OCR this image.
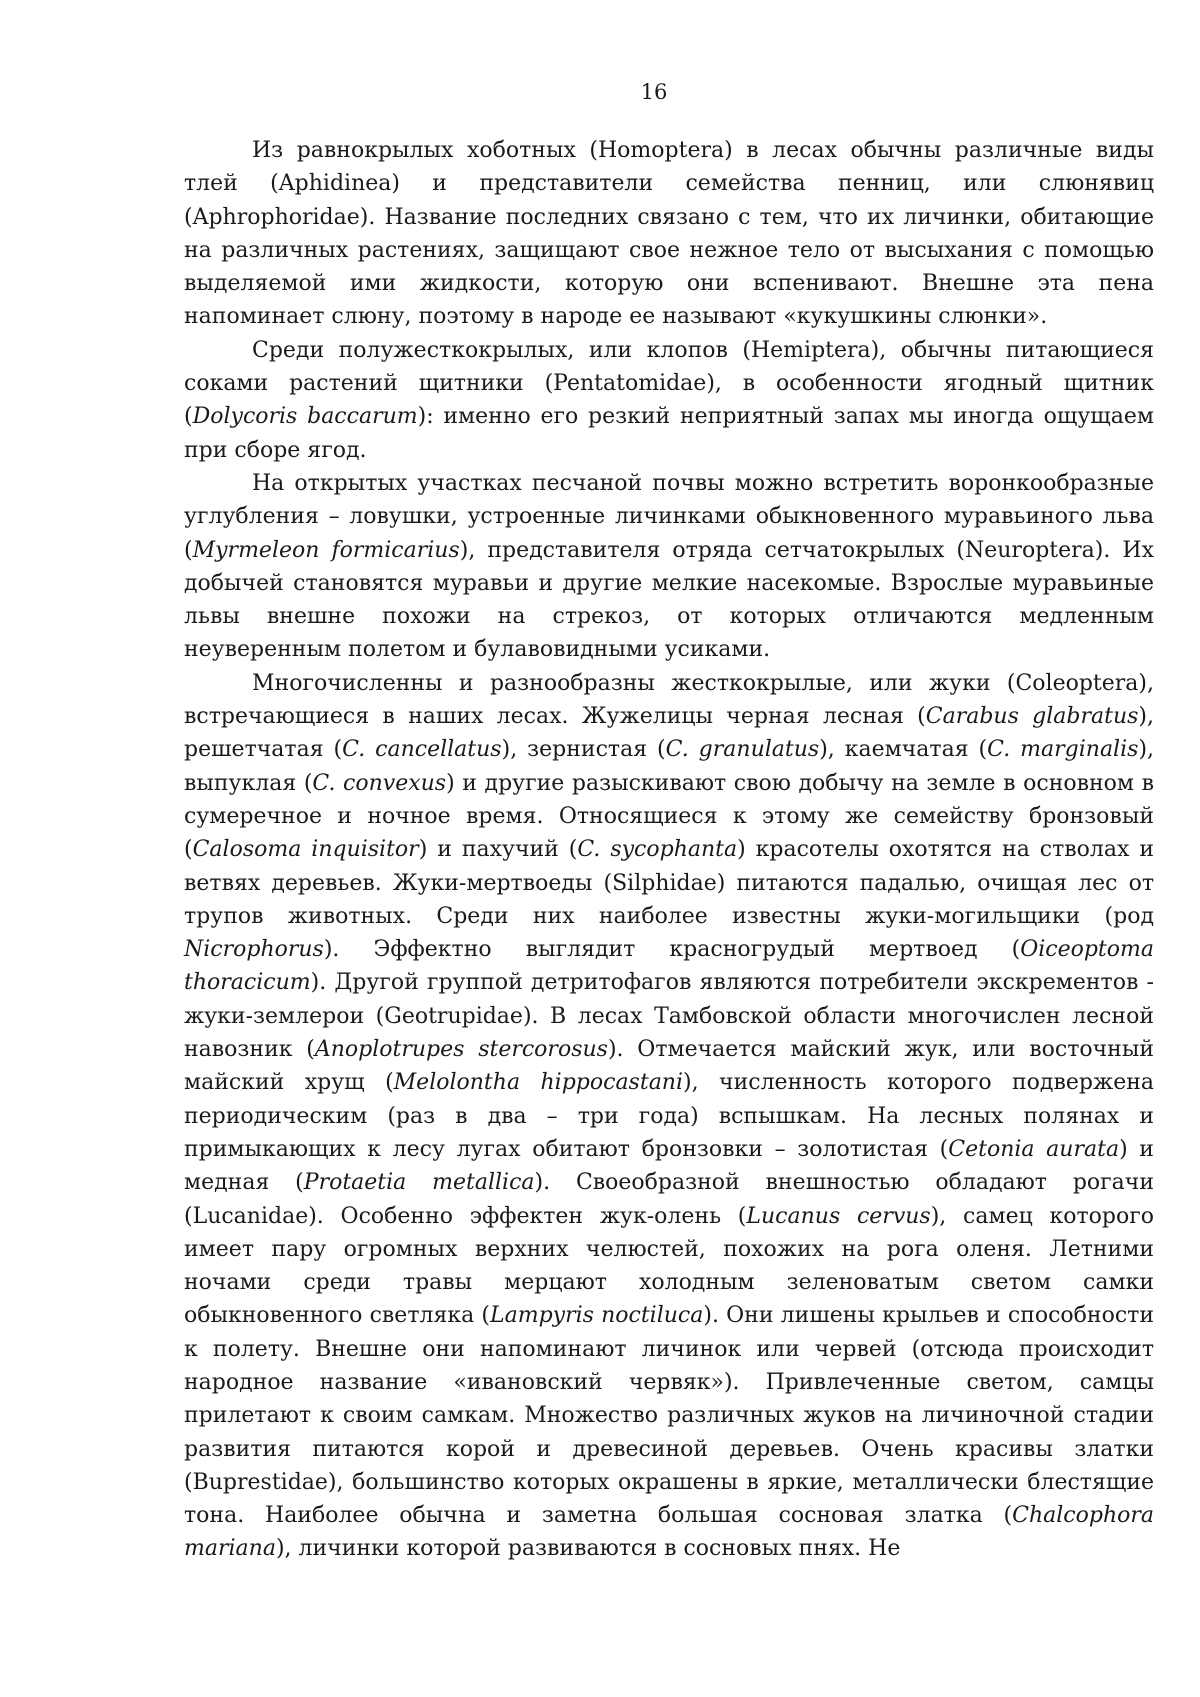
16

Из равнокрылых хоботных (Homoptera) в лесах обычны различные виды тлей (Aphidinea) и представители семейства пенниц, или слюнявиц (Aphrophoridae). Название последних связано с тем, что их личинки, обитающие на различных растениях, защищают свое нежное тело от высыхания с помощью выделяемой ими жидкости, которую они вспенивают. Внешне эта пена напоминает слюну, поэтому в народе ее называют «кукушкины слюнки».

Среди полужесткокрылых, или клопов (Hemiptera), обычны питающиеся соками растений щитники (Pentatomidae), в особенности ягодный щитник (Dolycoris baccarum): именно его резкий неприятный запах мы иногда ощущаем при сборе ягод.

На открытых участках песчаной почвы можно встретить воронкообразные углубления – ловушки, устроенные личинками обыкновенного муравьиного льва (Myrmeleon formicarius), представителя отряда сетчатокрылых (Neuroptera). Их добычей становятся муравьи и другие мелкие насекомые. Взрослые муравьиные львы внешне похожи на стрекоз, от которых отличаются медленным неуверенным полетом и булавовидными усиками.

Многочисленны и разнообразны жесткокрылые, или жуки (Coleoptera), встречающиеся в наших лесах. Жужелицы черная лесная (Carabus glabratus), решетчатая (C. cancellatus), зернистая (C. granulatus), каемчатая (C. marginalis), выпуклая (C. convexus) и другие разыскивают свою добычу на земле в основном в сумеречное и ночное время. Относящиеся к этому же семейству бронзовый (Calosoma inquisitor) и пахучий (C. sycophanta) красотелы охотятся на стволах и ветвях деревьев. Жуки-мертвоеды (Silphidae) питаются падалью, очищая лес от трупов животных. Среди них наиболее известны жуки-могильщики (род Nicrophorus). Эффектно выглядит красногрудый мертвоед (Oiceoptoma thoracicum). Другой группой детритофагов являются потребители экскрементов - жуки-землерои (Geotrupidae). В лесах Тамбовской области многочислен лесной навозник (Anoplotrupes stercorosus). Отмечается майский жук, или восточный майский хрущ (Melolontha hippocastani), численность которого подвержена периодическим (раз в два – три года) вспышкам. На лесных полянах и примыкающих к лесу лугах обитают бронзовки – золотистая (Cetonia aurata) и медная (Protaetia metallica). Своеобразной внешностью обладают рогачи (Lucanidae). Особенно эффектен жук-олень (Lucanus cervus), самец которого имеет пару огромных верхних челюстей, похожих на рога оленя. Летними ночами среди травы мерцают холодным зеленоватым светом самки обыкновенного светляка (Lampyris noctiluca). Они лишены крыльев и способности к полету. Внешне они напоминают личинок или червей (отсюда происходит народное название «ивановский червяк»). Привлеченные светом, самцы прилетают к своим самкам. Множество различных жуков на личиночной стадии развития питаются корой и древесиной деревьев. Очень красивы златки (Buprestidae), большинство которых окрашены в яркие, металлически блестящие тона. Наиболее обычна и заметна большая сосновая златка (Chalcophora mariana), личинки которой развиваются в сосновых пнях. Не
